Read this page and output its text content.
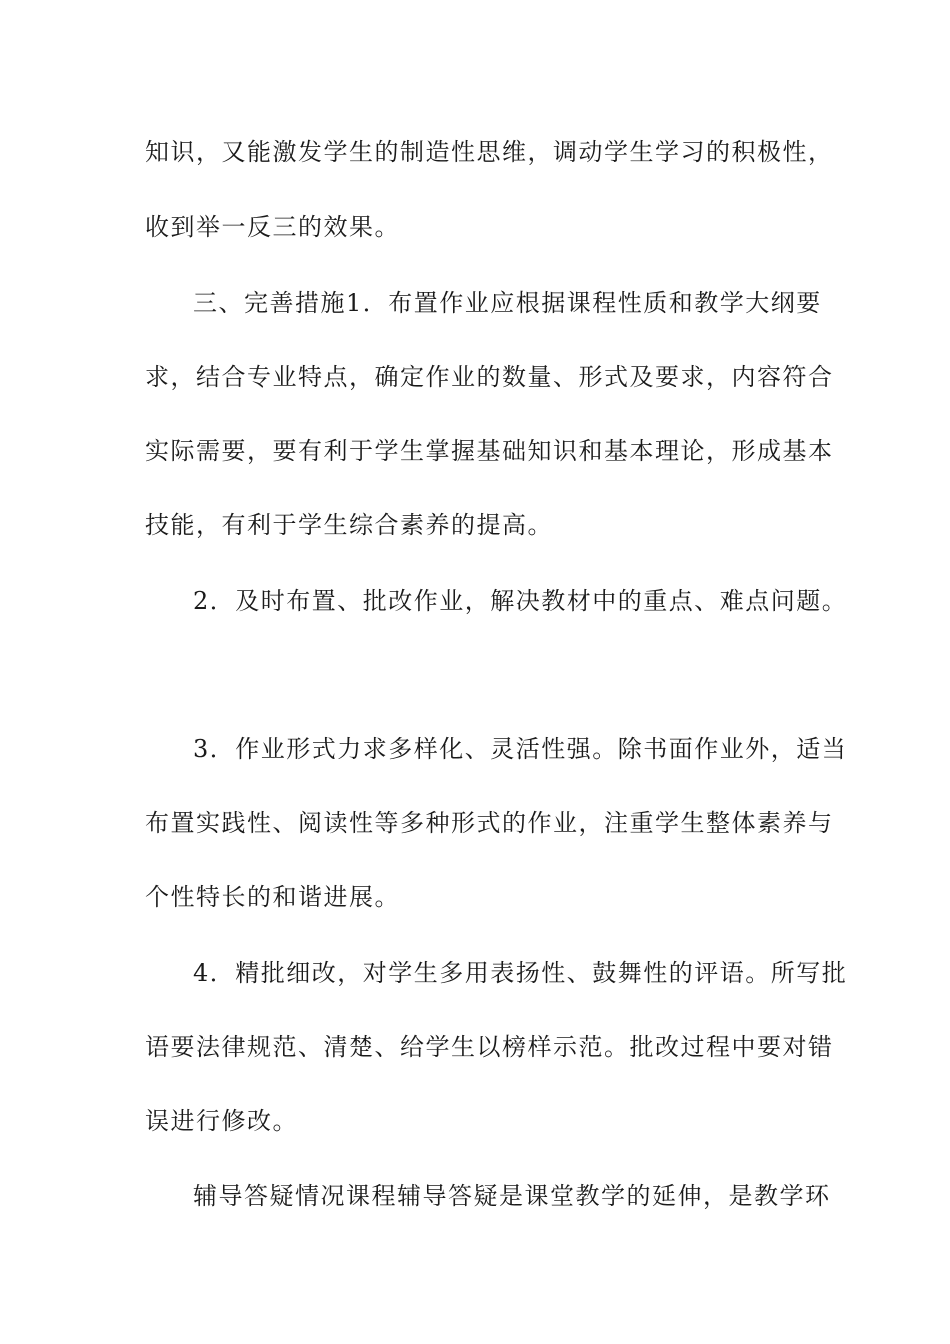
知识，又能激发学生的制造性思维，调动学生学习的积极性，
收到举一反三的效果。
三、完善措施1．布置作业应根据课程性质和教学大纲要
求，结合专业特点，确定作业的数量、形式及要求，内容符合
实际需要，要有利于学生掌握基础知识和基本理论，形成基本
技能，有利于学生综合素养的提高。
2．及时布置、批改作业，解决教材中的重点、难点问题。
3．作业形式力求多样化、灵活性强。除书面作业外，适当
布置实践性、阅读性等多种形式的作业，注重学生整体素养与
个性特长的和谐进展。
4．精批细改，对学生多用表扬性、鼓舞性的评语。所写批
语要法律规范、清楚、给学生以榜样示范。批改过程中要对错
误进行修改。
辅导答疑情况课程辅导答疑是课堂教学的延伸，是教学环
